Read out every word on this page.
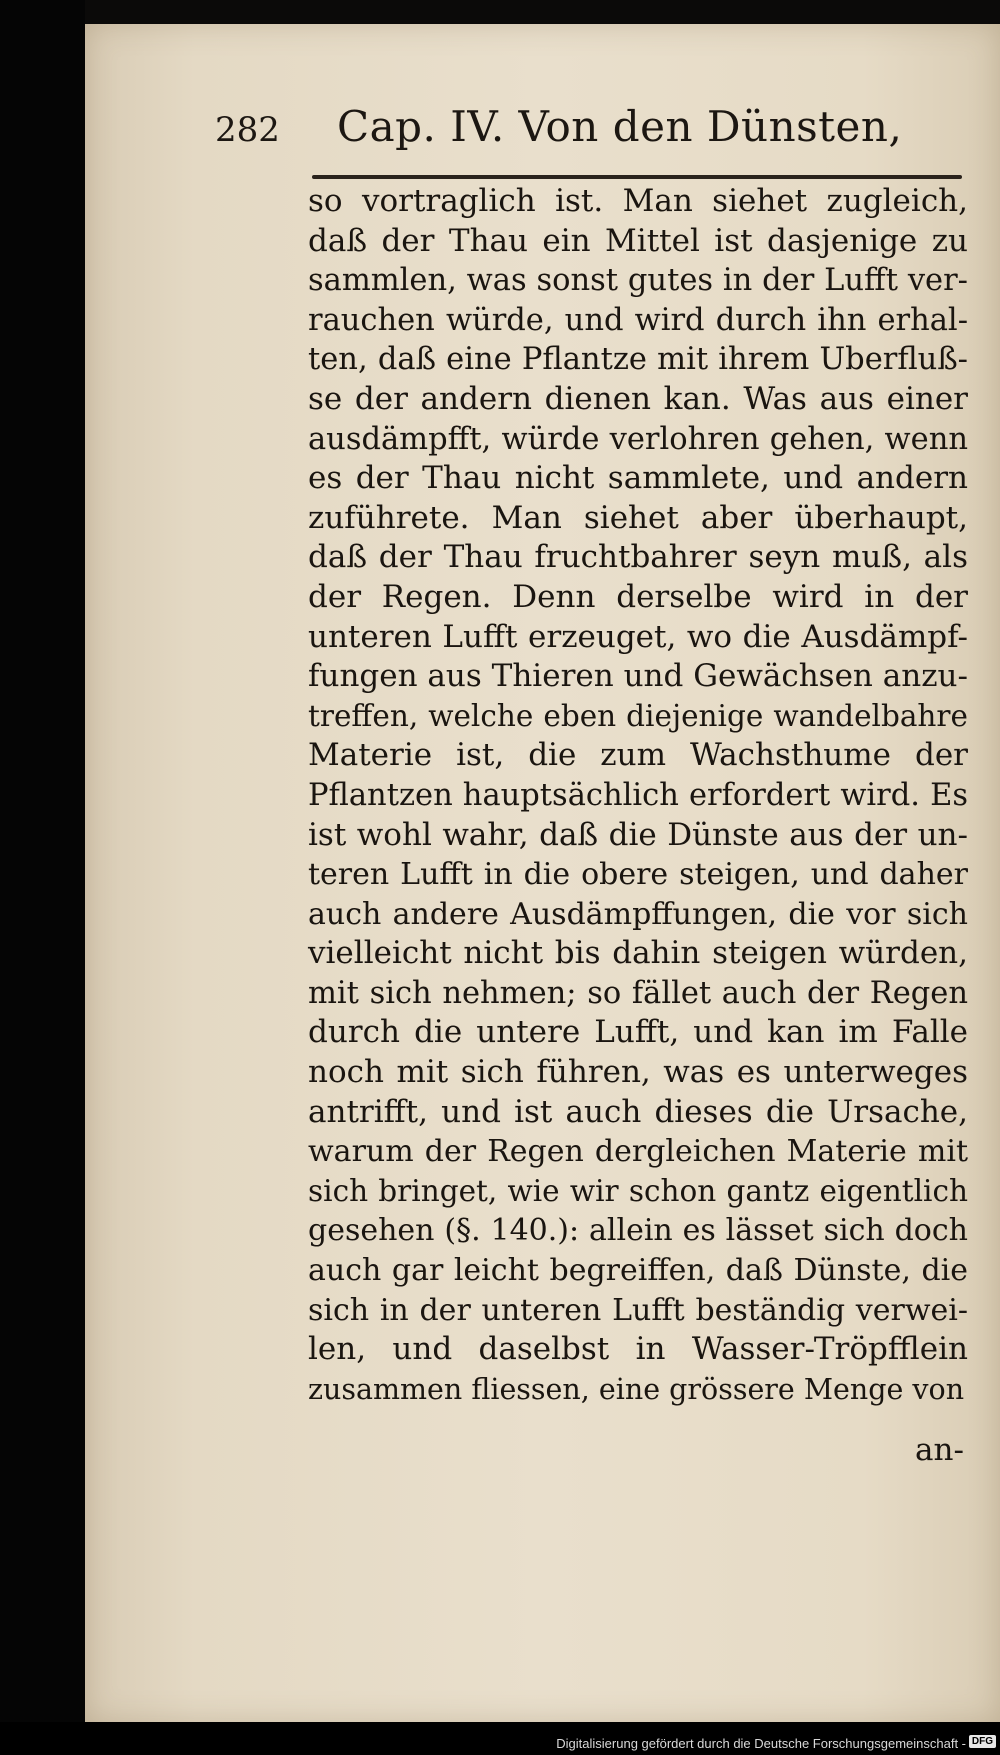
282 Cap. IV. Von den Dünsten,
so vortraglich ist. Man siehet zugleich,
daß der Thau ein Mittel ist dasjenige zu
sammlen, was sonst gutes in der Lufft ver-
rauchen würde, und wird durch ihn erhal-
ten, daß eine Pflantze mit ihrem Uberfluß-
se der andern dienen kan. Was aus einer
ausdämpfft, würde verlohren gehen, wenn
es der Thau nicht sammlete, und andern
zuführete. Man siehet aber überhaupt,
daß der Thau fruchtbahrer seyn muß, als
der Regen. Denn derselbe wird in der
unteren Lufft erzeuget, wo die Ausdämpf-
fungen aus Thieren und Gewächsen anzu-
treffen, welche eben diejenige wandelbahre
Materie ist, die zum Wachsthume der
Pflantzen hauptsächlich erfordert wird. Es
ist wohl wahr, daß die Dünste aus der un-
teren Lufft in die obere steigen, und daher
auch andere Ausdämpffungen, die vor sich
vielleicht nicht bis dahin steigen würden,
mit sich nehmen; so fället auch der Regen
durch die untere Lufft, und kan im Falle
noch mit sich führen, was es unterweges
antrifft, und ist auch dieses die Ursache,
warum der Regen dergleichen Materie mit
sich bringet, wie wir schon gantz eigentlich
gesehen (§. 140.): allein es lässet sich doch
auch gar leicht begreiffen, daß Dünste, die
sich in der unteren Lufft beständig verwei-
len, und daselbst in Wasser-Tröpfflein
zusammen fliessen, eine grössere Menge von
an-
Digitalisierung gefördert durch die Deutsche Forschungsgemeinschaft - DFG
